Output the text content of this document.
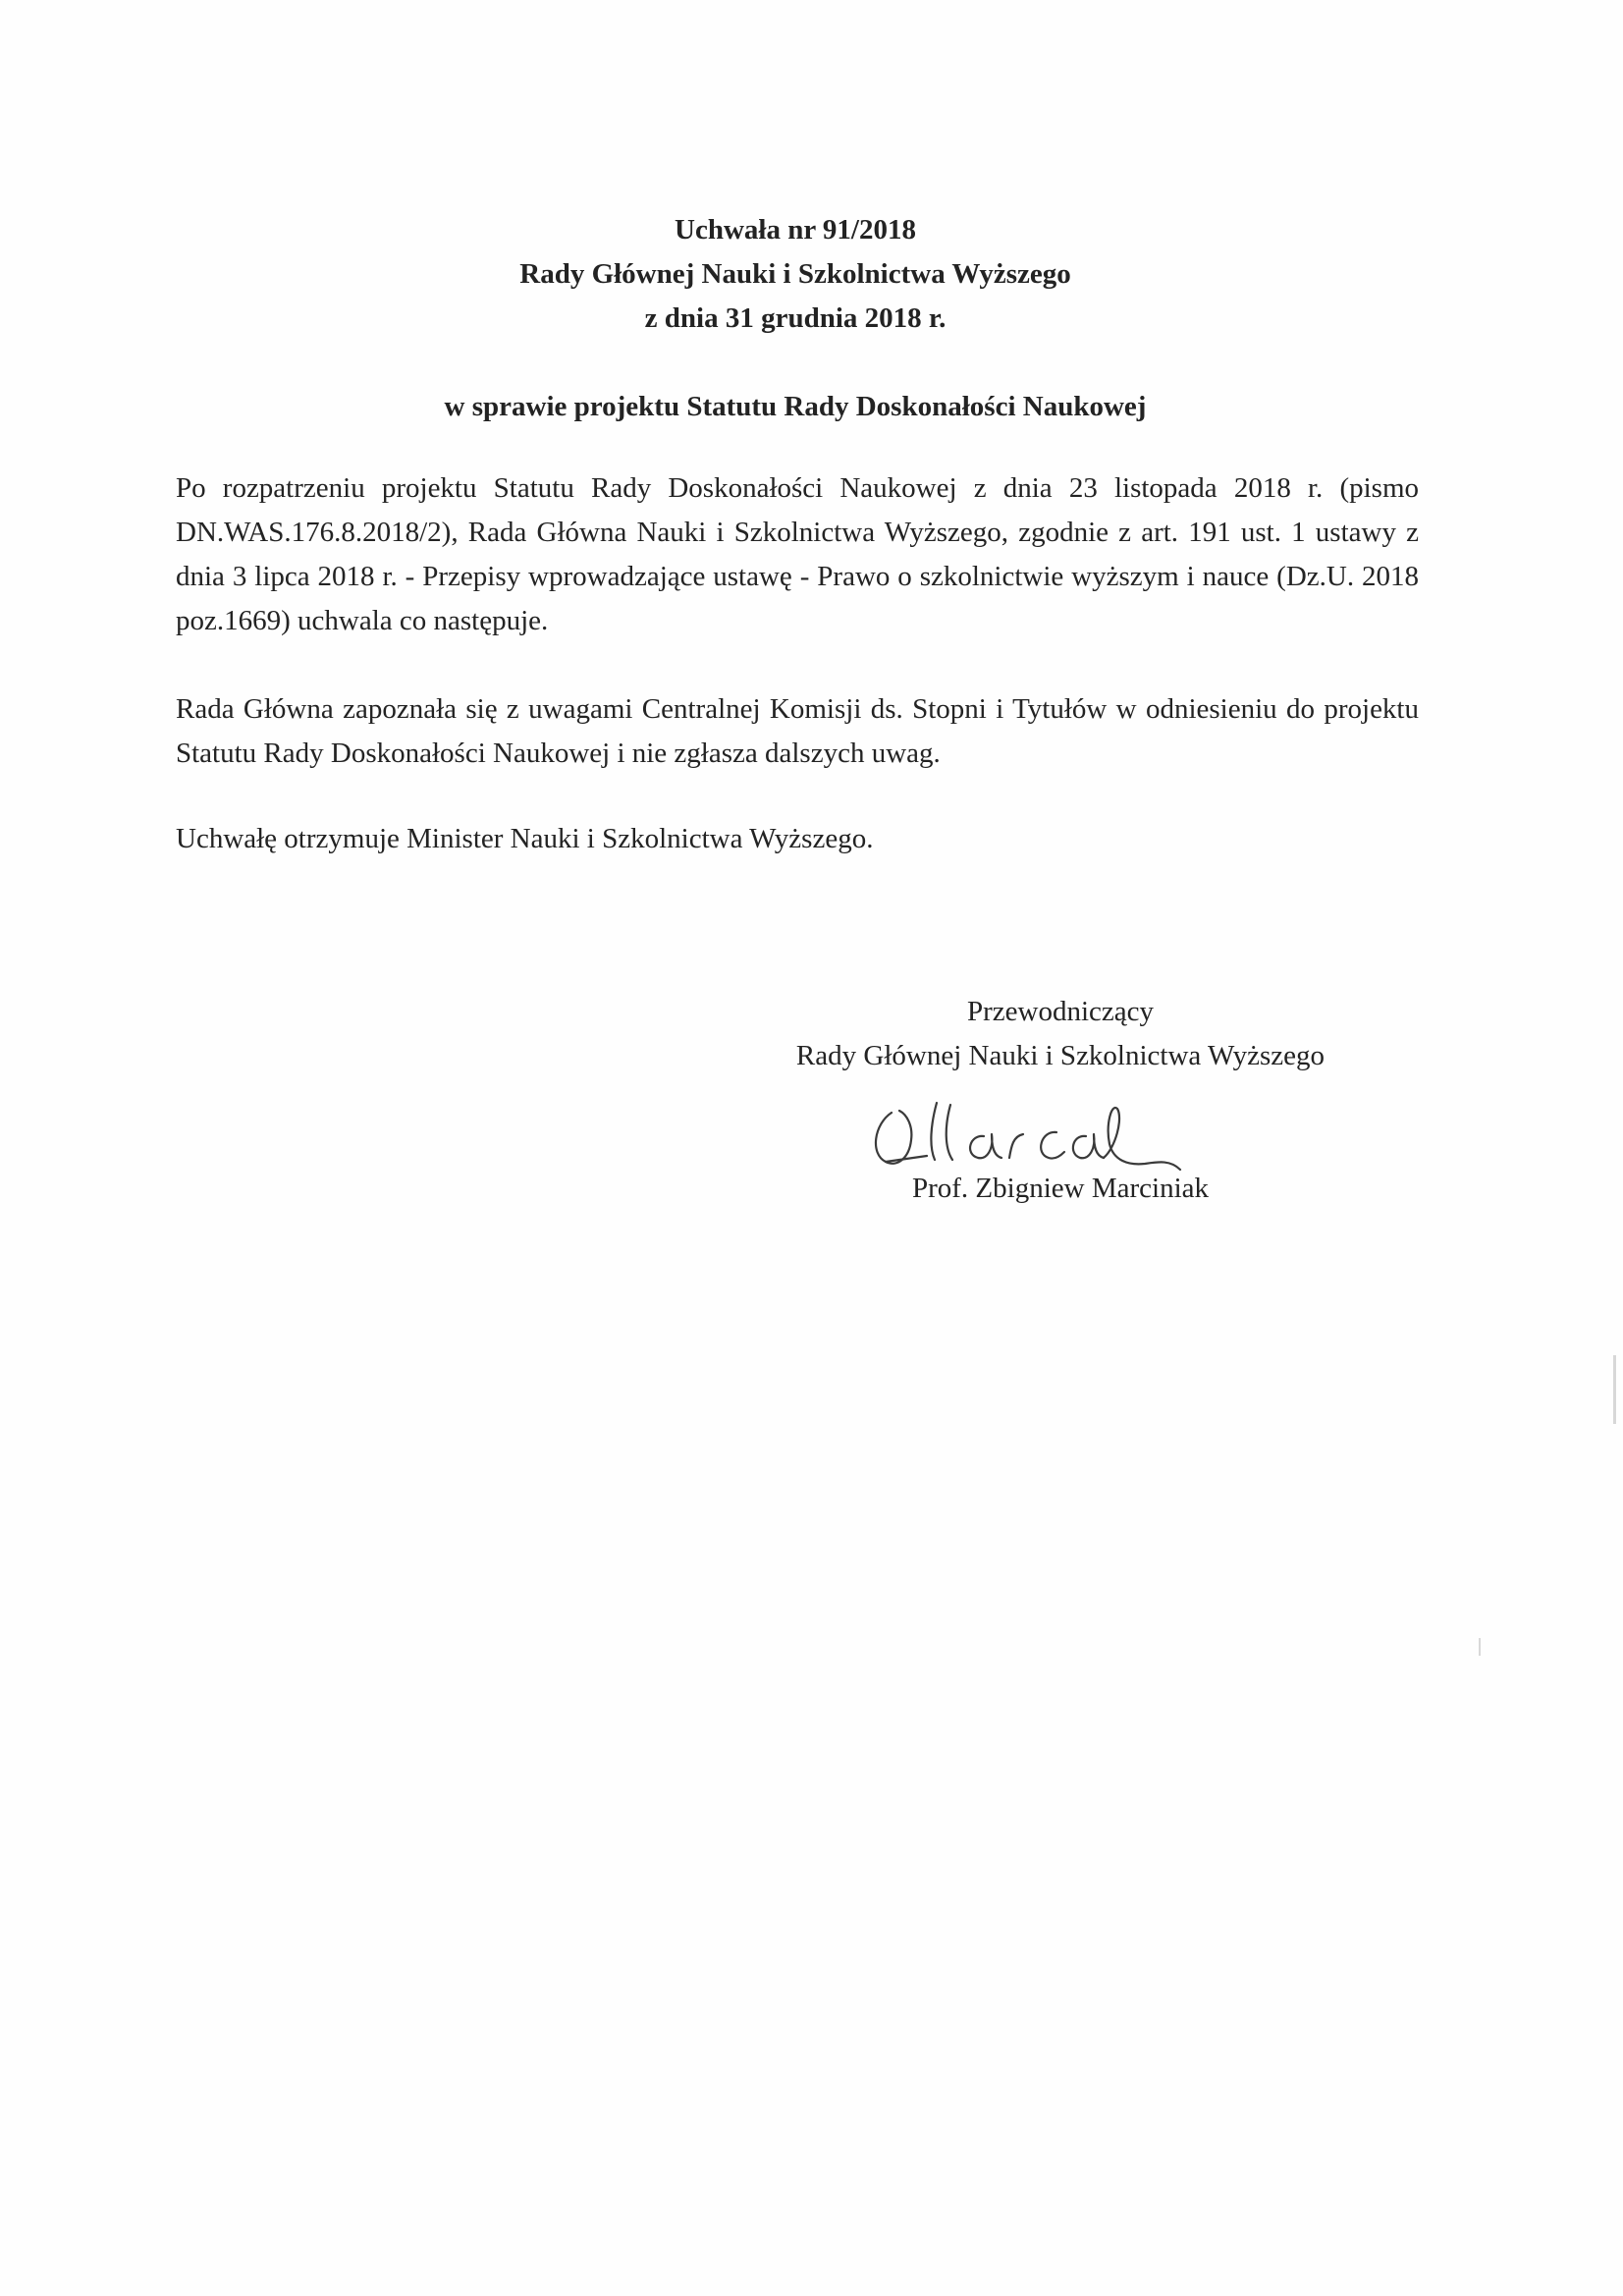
Uchwała nr 91/2018
Rady Głównej Nauki i Szkolnictwa Wyższego
z dnia 31 grudnia 2018 r.
w sprawie projektu Statutu Rady Doskonałości Naukowej

Po rozpatrzeniu projektu Statutu Rady Doskonałości Naukowej z dnia 23 listopada 2018 r. (pismo DN.WAS.176.8.2018/2), Rada Główna Nauki i Szkolnictwa Wyższego, zgodnie z art. 191 ust. 1 ustawy z dnia 3 lipca 2018 r. - Przepisy wprowadzające ustawę - Prawo o szkolnictwie wyższym i nauce (Dz.U. 2018 poz.1669) uchwala co następuje.

Rada Główna zapoznała się z uwagami Centralnej Komisji ds. Stopni i Tytułów w odniesieniu do projektu Statutu Rady Doskonałości Naukowej i nie zgłasza dalszych uwag.

Uchwałę otrzymuje Minister Nauki i Szkolnictwa Wyższego.

Przewodniczący
Rady Głównej Nauki i Szkolnictwa Wyższego
Prof. Zbigniew Marciniak
